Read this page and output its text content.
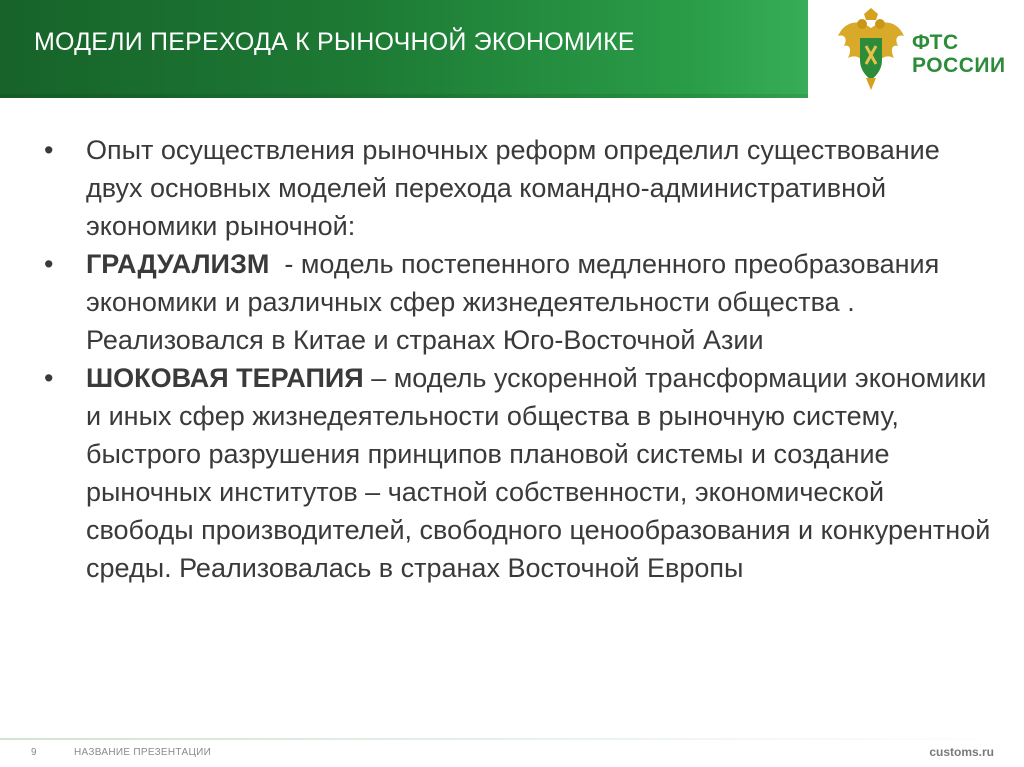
МОДЕЛИ ПЕРЕХОДА К РЫНОЧНОЙ ЭКОНОМИКЕ	ФТС
РОССИИ

•	Опыт осуществления рыночных реформ определил существование двух основных моделей перехода командно-административной экономики рыночной:

•	ГРАДУАЛИЗМ  - модель постепенного медленного преобразования экономики и различных сфер жизнедеятельности общества . Реализовался в Китае и странах Юго-Восточной Азии

•	ШОКОВАЯ ТЕРАПИЯ – модель ускоренной трансформации экономики и иных сфер жизнедеятельности общества в рыночную систему, быстрого разрушения принципов плановой системы и создание рыночных институтов – частной собственности, экономической свободы производителей, свободного ценообразования и конкурентной среды. Реализовалась в странах Восточной Европы

9	НАЗВАНИЕ ПРЕЗЕНТАЦИИ	customs.ru
